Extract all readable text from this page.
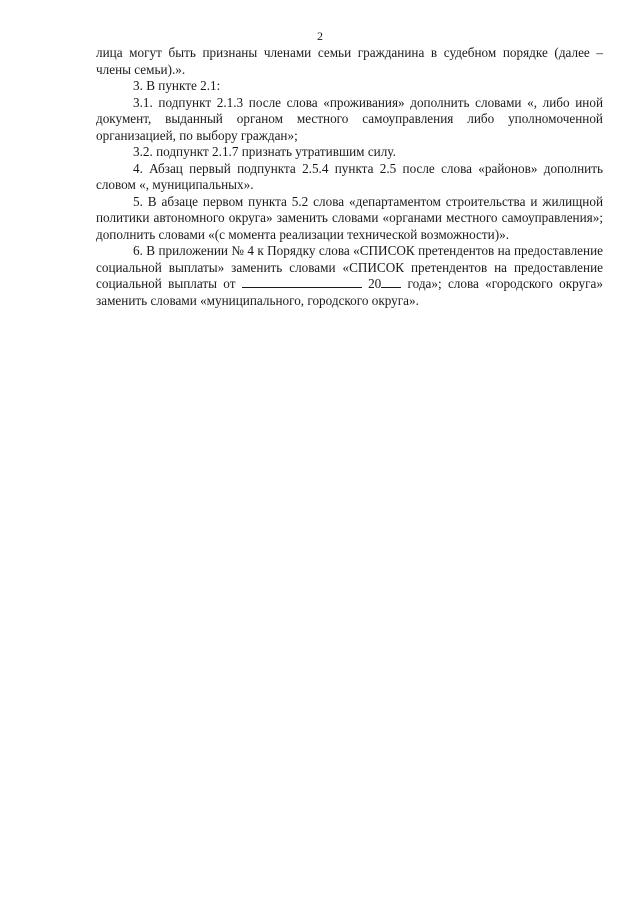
2

лица могут быть признаны членами семьи гражданина в судебном порядке (далее – члены семьи).».

3. В пункте 2.1:

3.1. подпункт 2.1.3 после слова «проживания» дополнить словами «, либо иной документ, выданный органом местного самоуправления либо уполномоченной организацией, по выбору граждан»;

3.2. подпункт 2.1.7 признать утратившим силу.

4. Абзац первый подпункта 2.5.4 пункта 2.5 после слова «районов» дополнить словом «, муниципальных».

5. В абзаце первом пункта 5.2 слова «департаментом строительства и жилищной политики автономного округа» заменить словами «органами местного самоуправления»; дополнить словами «(с момента реализации технической возможности)».

6. В приложении № 4 к Порядку слова «СПИСОК претендентов на предоставление социальной выплаты» заменить словами «СПИСОК претендентов на предоставление социальной выплаты от	20 года»; слова «городского округа» заменить словами «муниципального, городского округа».
